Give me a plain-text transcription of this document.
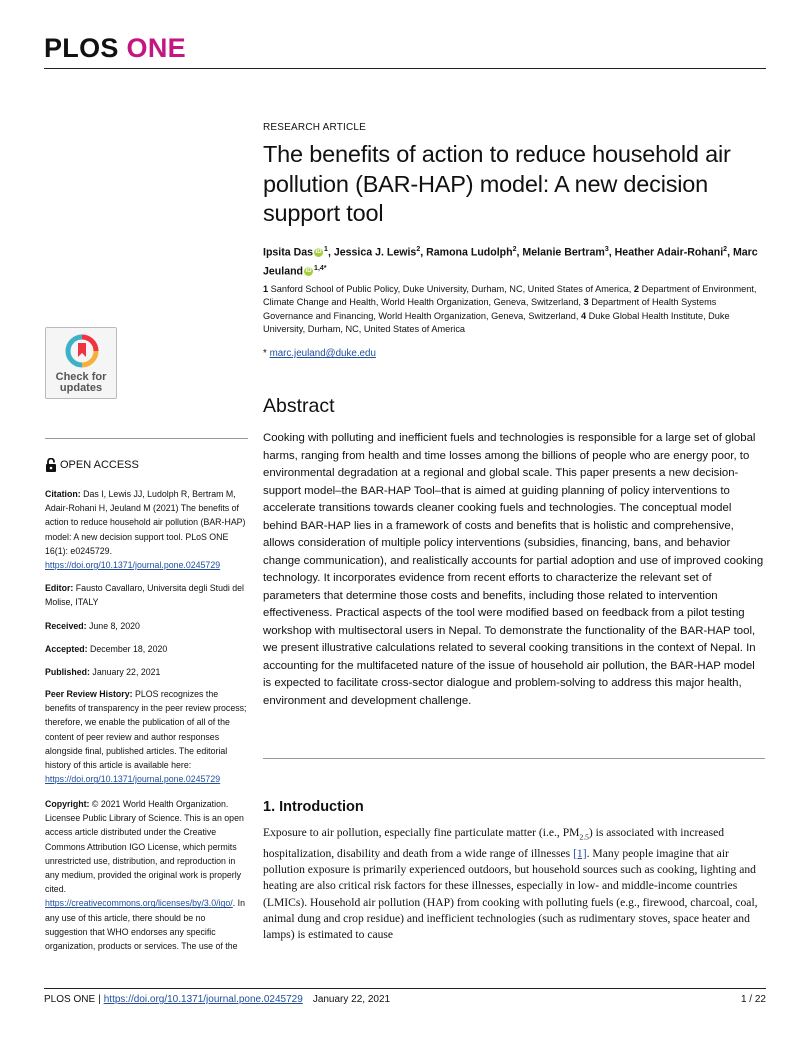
PLOS ONE
Check for
updates
OPEN ACCESS
Citation: Das I, Lewis JJ, Ludolph R, Bertram M, Adair-Rohani H, Jeuland M (2021) The benefits of action to reduce household air pollution (BAR-HAP) model: A new decision support tool. PLoS ONE 16(1): e0245729. https://doi.org/10.1371/journal.pone.0245729
Editor: Fausto Cavallaro, Universita degli Studi del Molise, ITALY
Received: June 8, 2020
Accepted: December 18, 2020
Published: January 22, 2021
Peer Review History: PLOS recognizes the benefits of transparency in the peer review process; therefore, we enable the publication of all of the content of peer review and author responses alongside final, published articles. The editorial history of this article is available here: https://doi.org/10.1371/journal.pone.0245729
Copyright: © 2021 World Health Organization. Licensee Public Library of Science. This is an open access article distributed under the Creative Commons Attribution IGO License, which permits unrestricted use, distribution, and reproduction in any medium, provided the original work is properly cited. https://creativecommons.org/licenses/by/3.0/igo/. In any use of this article, there should be no suggestion that WHO endorses any specific organization, products or services. The use of the
RESEARCH ARTICLE
The benefits of action to reduce household air pollution (BAR-HAP) model: A new decision support tool
Ipsita Das iD $^1$, Jessica J. Lewis$^2$, Ramona Ludolph$^2$, Melanie Bertram$^3$, Heather Adair-Rohani$^2$, Marc Jeuland iD $^{1,4*}$
1 Sanford School of Public Policy, Duke University, Durham, NC, United States of America, 2 Department of Environment, Climate Change and Health, World Health Organization, Geneva, Switzerland, 3 Department of Health Systems Governance and Financing, World Health Organization, Geneva, Switzerland, 4 Duke Global Health Institute, Duke University, Durham, NC, United States of America
* marc.jeuland@duke.edu
Abstract

Cooking with polluting and inefficient fuels and technologies is responsible for a large set of global harms, ranging from health and time losses among the billions of people who are energy poor, to environmental degradation at a regional and global scale. This paper presents a new decision-support model–the BAR-HAP Tool–that is aimed at guiding planning of policy interventions to accelerate transitions towards cleaner cooking fuels and technologies. The conceptual model behind BAR-HAP lies in a framework of costs and benefits that is holistic and comprehensive, allows consideration of multiple policy interventions (subsidies, financing, bans, and behavior change communication), and realistically accounts for partial adoption and use of improved cooking technology. It incorporates evidence from recent efforts to characterize the relevant set of parameters that determine those costs and benefits, including those related to intervention effectiveness. Practical aspects of the tool were modified based on feedback from a pilot testing workshop with multisectoral users in Nepal. To demonstrate the functionality of the BAR-HAP tool, we present illustrative calculations related to several cooking transitions in the context of Nepal. In accounting for the multifaceted nature of the issue of household air pollution, the BAR-HAP model is expected to facilitate cross-sector dialogue and problem-solving to address this major health, environment and development challenge.

1. Introduction

Exposure to air pollution, especially fine particulate matter (i.e., $PM_{2.5}$) is associated with increased hospitalization, disability and death from a wide range of illnesses [1]. Many people imagine that air pollution exposure is primarily experienced outdoors, but household sources such as cooking, lighting and heating are also critical risk factors for these illnesses, especially in low- and middle-income countries (LMICs). Household air pollution (HAP) from cooking with polluting fuels (e.g., firewood, charcoal, coal, animal dung and crop residue) and inefficient technologies (such as rudimentary stoves, space heater and lamps) is estimated to cause

PLOS ONE | https://doi.org/10.1371/journal.pone.0245729 January 22, 2021	1 / 22
